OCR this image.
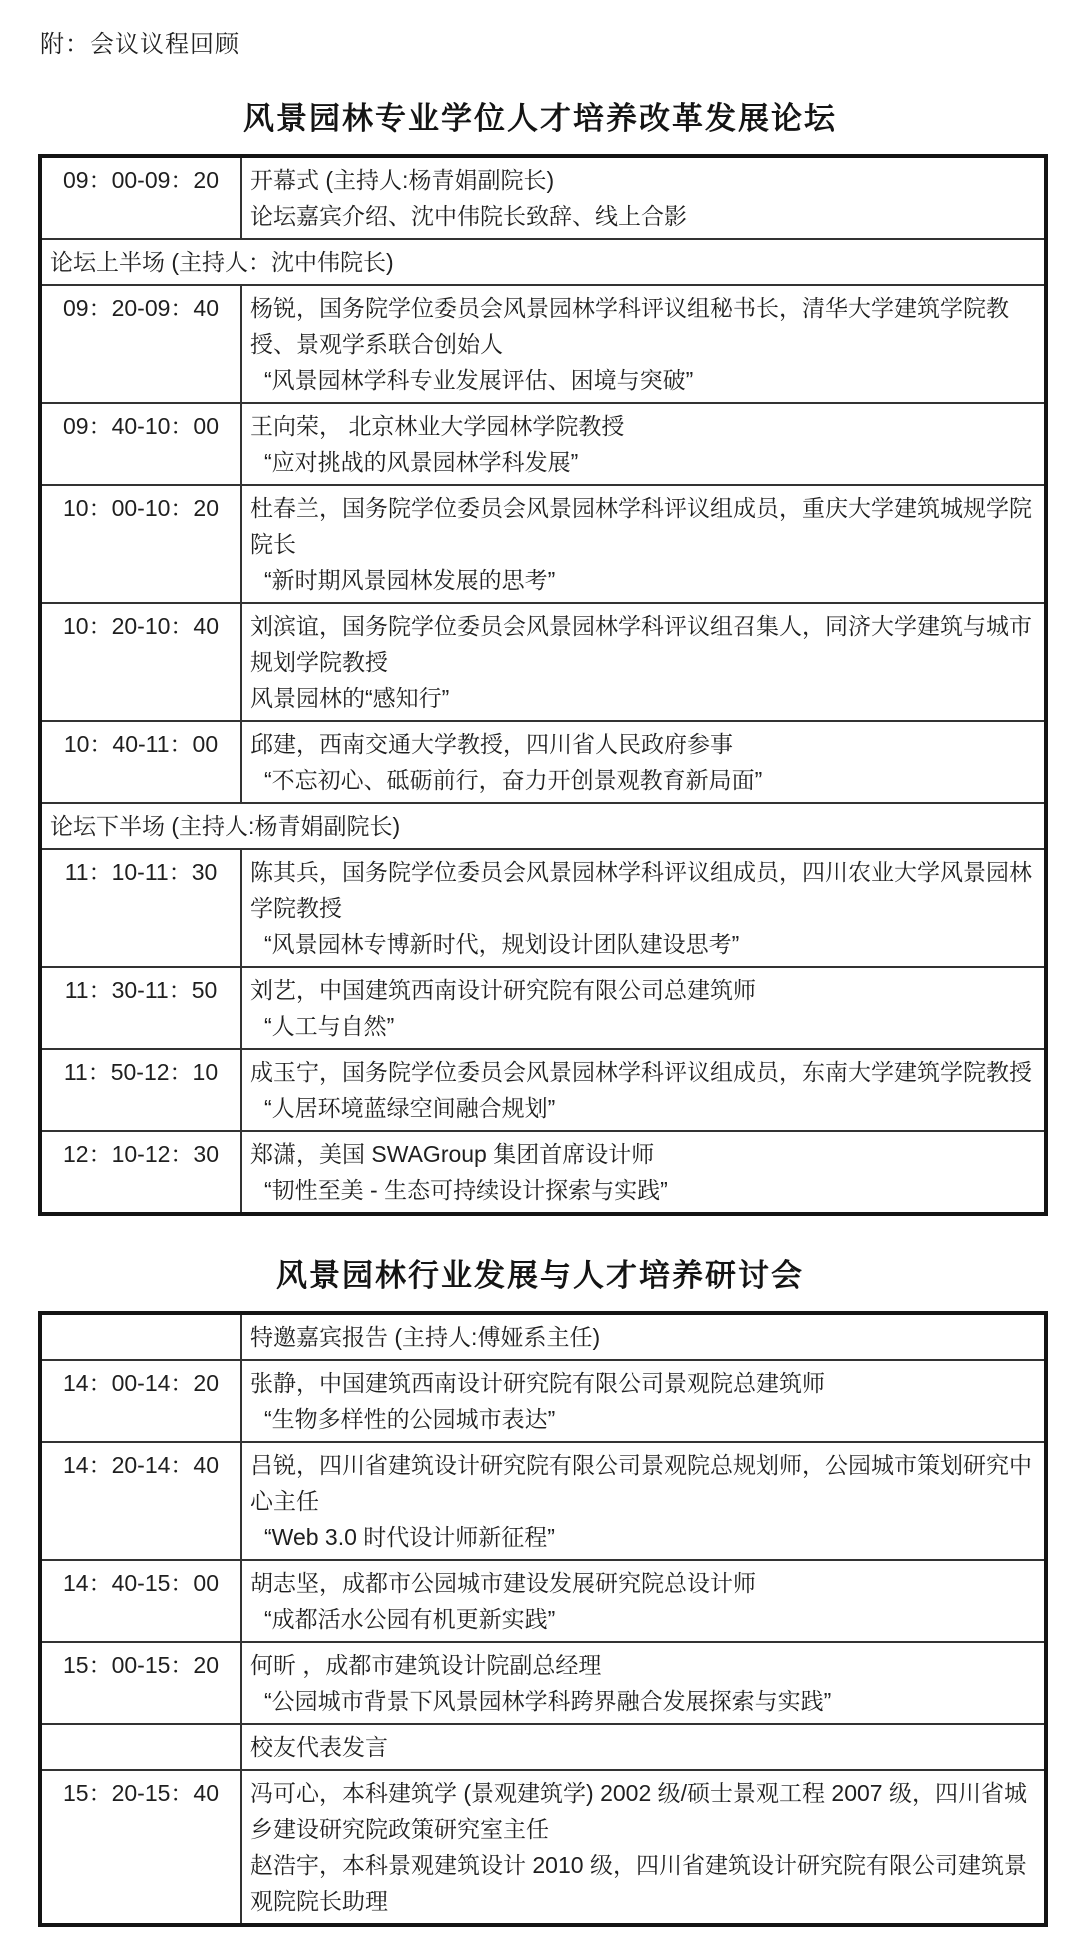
附：会议议程回顾
风景园林专业学位人才培养改革发展论坛
09：00-09：20	开幕式 (主持人:杨青娟副院长)

论坛嘉宾介绍、沈中伟院长致辞、线上合影

论坛上半场 (主持人：沈中伟院长)	

09：20-09：40	杨锐，国务院学位委员会风景园林学科评议组秘书长，清华大学建筑学院教授、景观学系联合创始人

“风景园林学科专业发展评估、困境与突破”

09：40-10：00	王向荣， 北京林业大学园林学院教授

“应对挑战的风景园林学科发展”

10：00-10：20	杜春兰，国务院学位委员会风景园林学科评议组成员，重庆大学建筑城规学院院长

“新时期风景园林发展的思考”

10：20-10：40	刘滨谊，国务院学位委员会风景园林学科评议组召集人，同济大学建筑与城市规划学院教授

风景园林的“感知行”

10：40-11：00	邱建，西南交通大学教授，四川省人民政府参事

“不忘初心、砥砺前行，奋力开创景观教育新局面”

论坛下半场 (主持人:杨青娟副院长)	

11：10-11：30	陈其兵，国务院学位委员会风景园林学科评议组成员，四川农业大学风景园林学院教授

“风景园林专博新时代，规划设计团队建设思考”

11：30-11：50	刘艺，中国建筑西南设计研究院有限公司总建筑师

“人工与自然”

11：50-12：10	成玉宁，国务院学位委员会风景园林学科评议组成员，东南大学建筑学院教授

“人居环境蓝绿空间融合规划”

12：10-12：30	郑潇，美国 SWAGroup 集团首席设计师

“韧性至美 - 生态可持续设计探索与实践”

风景园林行业发展与人才培养研讨会

	特邀嘉宾报告 (主持人:傅娅系主任)

14：00-14：20	张静，中国建筑西南设计研究院有限公司景观院总建筑师

“生物多样性的公园城市表达”

14：20-14：40	吕锐，四川省建筑设计研究院有限公司景观院总规划师，公园城市策划研究中心主任

“Web 3.0 时代设计师新征程”

14：40-15：00	胡志坚，成都市公园城市建设发展研究院总设计师

“成都活水公园有机更新实践”

15：00-15：20	何昕 ，成都市建筑设计院副总经理

“公园城市背景下风景园林学科跨界融合发展探索与实践”

	校友代表发言

15：20-15：40	冯可心，本科建筑学 (景观建筑学) 2002 级/硕士景观工程 2007 级，四川省城乡建设研究院政策研究室主任

赵浩宇，本科景观建筑设计 2010 级，四川省建筑设计研究院有限公司建筑景观院院长助理
